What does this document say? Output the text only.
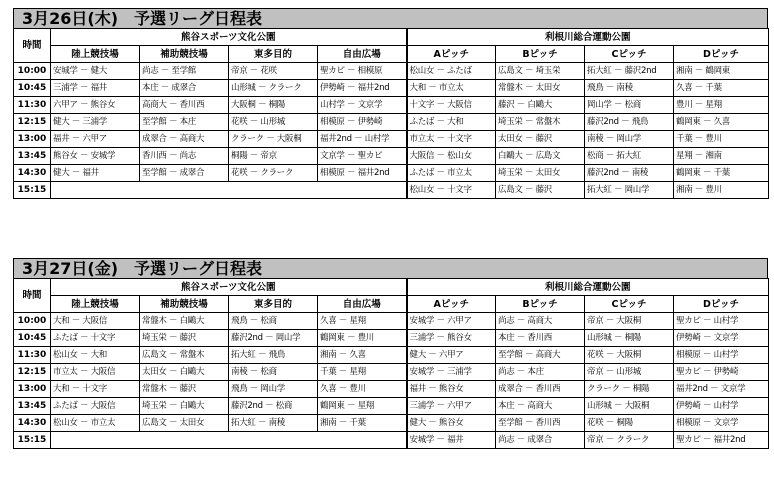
3月26日(木)　予選リーグ日程表
時間	熊谷スポーツ文化公園				利根川総合運動公園			
	陸上競技場	補助競技場	東多目的	自由広場	Aピッチ	Bピッチ	Cピッチ	Dピッチ
10:00	安城学 － 健大	尚志 － 至学館	帝京 － 花咲	聖カピ － 相模原	松山女 － ふたば	広島文 － 埼玉栄	拓大紅 － 藤沢2nd	湘南 － 鶴岡東
10:45	三浦学 － 福井	本庄 － 成翠合	山形城 － クラーク	伊勢崎 － 福井2nd	大和 － 市立太	常盤木 － 太田女	飛鳥 － 南稜	久喜 － 千葉
11:30	六甲ア － 熊谷女	高商大 － 香川西	大阪桐 － 桐陽	山村学 － 文京学	十文字 － 大阪信	藤沢 － 白鷗大	岡山学 － 松商	豊川 － 星翔
12:15	健大 － 三浦学	至学館 － 本庄	花咲 － 山形城	相模原 － 伊勢崎	ふたば － 大和	埼玉栄 － 常盤木	藤沢2nd － 飛鳥	鶴岡東 － 久喜
13:00	福井 － 六甲ア	成翠合 － 高商大	クラーク － 大阪桐	福井2nd － 山村学	市立太 － 十文字	太田女 － 藤沢	南稜 － 岡山学	千葉 － 豊川
13:45	熊谷女 － 安城学	香川西 － 尚志	桐陽 － 帝京	文京学 － 聖カピ	大阪信 － 松山女	白鷗大 － 広島文	松商 － 拓大紅	星翔 － 湘南
14:30	健大 － 福井	至学館 － 成翠合	花咲 － クラーク	相模原 － 福井2nd	ふたば － 市立太	埼玉栄 － 太田女	藤沢2nd － 南稜	鶴岡東 － 千葉
15:15					松山女 － 十文字	広島文 － 藤沢	拓大紅 － 岡山学	湘南 － 豊川
3月27日(金)　予選リーグ日程表
時間	熊谷スポーツ文化公園				利根川総合運動公園			
	陸上競技場	補助競技場	東多目的	自由広場	Aピッチ	Bピッチ	Cピッチ	Dピッチ
10:00	大和 － 大阪信	常盤木 － 白鷗大	飛鳥 － 松商	久喜 － 星翔	安城学 － 六甲ア	尚志 － 高商大	帝京 － 大阪桐	聖カピ － 山村学
10:45	ふたば － 十文字	埼玉栄 － 藤沢	藤沢2nd － 岡山学	鶴岡東 － 豊川	三浦学 － 熊谷女	本庄 － 香川西	山形城 － 桐陽	伊勢崎 － 文京学
11:30	松山女 － 大和	広島文 － 常盤木	拓大紅 － 飛鳥	湘南 － 久喜	健大 － 六甲ア	至学館 － 高商大	花咲 － 大阪桐	相模原 － 山村学
12:15	市立太 － 大阪信	太田女 － 白鷗大	南稜 － 松商	千葉 － 星翔	安城学 － 三浦学	尚志 － 本庄	帝京 － 山形城	聖カピ － 伊勢崎
13:00	大和 － 十文字	常盤木 － 藤沢	飛鳥 － 岡山学	久喜 － 豊川	福井 － 熊谷女	成翠合 － 香川西	クラーク － 桐陽	福井2nd － 文京学
13:45	ふたば － 大阪信	埼玉栄 － 白鷗大	藤沢2nd － 松商	鶴岡東 － 星翔	三浦学 － 六甲ア	本庄 － 高商大	山形城 － 大阪桐	伊勢崎 － 山村学
14:30	松山女 － 市立太	広島文 － 太田女	拓大紅 － 南稜	湘南 － 千葉	健大 － 熊谷女	至学館 － 香川西	花咲 － 桐陽	相模原 － 文京学
15:15					安城学 － 福井	尚志 － 成翠合	帝京 － クラーク	聖カピ － 福井2nd
